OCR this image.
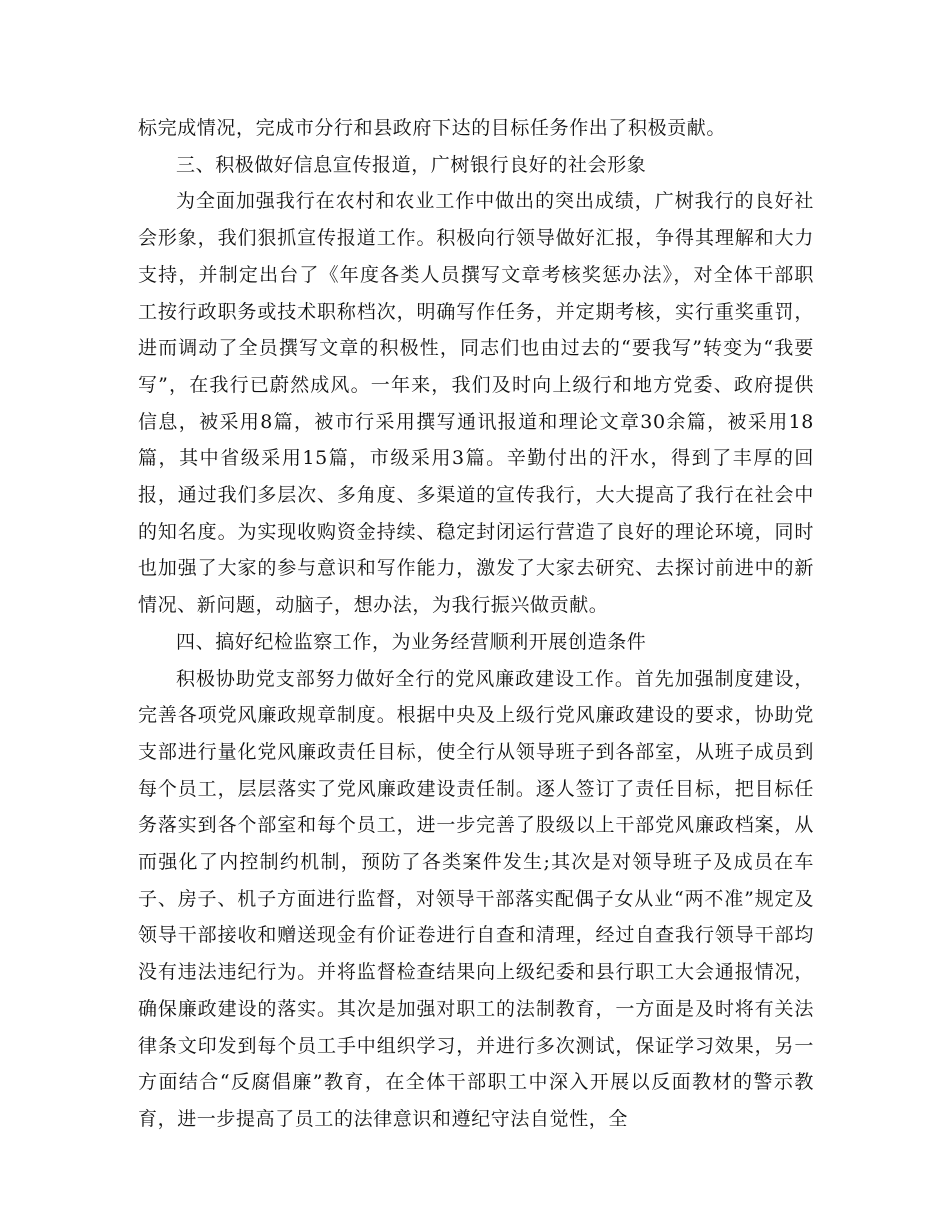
标完成情况，完成市分行和县政府下达的目标任务作出了积极贡献。

三、积极做好信息宣传报道，广树银行良好的社会形象

为全面加强我行在农村和农业工作中做出的突出成绩，广树我行的良好社会形象，我们狠抓宣传报道工作。积极向行领导做好汇报，争得其理解和大力支持，并制定出台了《年度各类人员撰写文章考核奖惩办法》，对全体干部职工按行政职务或技术职称档次，明确写作任务，并定期考核，实行重奖重罚，进而调动了全员撰写文章的积极性，同志们也由过去的“要我写”转变为“我要写”，在我行已蔚然成风。一年来，我们及时向上级行和地方党委、政府提供信息，被采用8篇，被市行采用撰写通讯报道和理论文章30余篇，被采用18篇，其中省级采用15篇，市级采用3篇。辛勤付出的汗水，得到了丰厚的回报，通过我们多层次、多角度、多渠道的宣传我行，大大提高了我行在社会中的知名度。为实现收购资金持续、稳定封闭运行营造了良好的理论环境，同时也加强了大家的参与意识和写作能力，激发了大家去研究、去探讨前进中的新情况、新问题，动脑子，想办法，为我行振兴做贡献。

四、搞好纪检监察工作，为业务经营顺利开展创造条件

积极协助党支部努力做好全行的党风廉政建设工作。首先加强制度建设，完善各项党风廉政规章制度。根据中央及上级行党风廉政建设的要求，协助党支部进行量化党风廉政责任目标，使全行从领导班子到各部室，从班子成员到每个员工，层层落实了党风廉政建设责任制。逐人签订了责任目标，把目标任务落实到各个部室和每个员工，进一步完善了股级以上干部党风廉政档案，从而强化了内控制约机制，预防了各类案件发生;其次是对领导班子及成员在车子、房子、机子方面进行监督，对领导干部落实配偶子女从业“两不准”规定及领导干部接收和赠送现金有价证卷进行自查和清理，经过自查我行领导干部均没有违法违纪行为。并将监督检查结果向上级纪委和县行职工大会通报情况，确保廉政建设的落实。其次是加强对职工的法制教育，一方面是及时将有关法律条文印发到每个员工手中组织学习，并进行多次测试，保证学习效果，另一方面结合“反腐倡廉”教育，在全体干部职工中深入开展以反面教材的警示教育，进一步提高了员工的法律意识和遵纪守法自觉性，全
